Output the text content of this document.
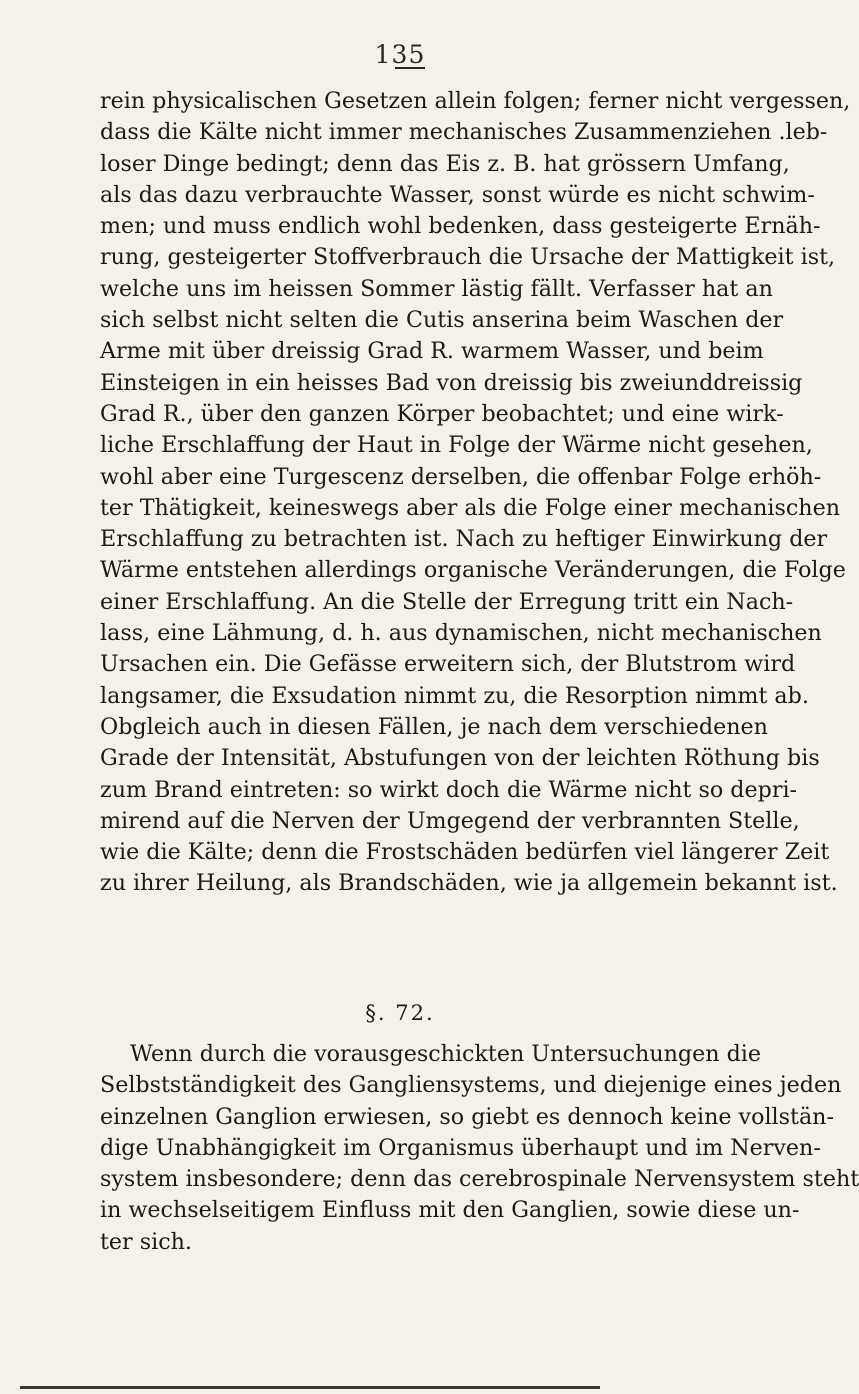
135
rein physicalischen Gesetzen allein folgen; ferner nicht vergessen,
dass die Kälte nicht immer mechanisches Zusammenziehen .leb-
loser Dinge bedingt; denn das Eis z. B. hat grössern Umfang,
als das dazu verbrauchte Wasser, sonst würde es nicht schwim-
men; und muss endlich wohl bedenken, dass gesteigerte Ernäh-
rung, gesteigerter Stoffverbrauch die Ursache der Mattigkeit ist,
welche uns im heissen Sommer lästig fällt. Verfasser hat an
sich selbst nicht selten die Cutis anserina beim Waschen der
Arme mit über dreissig Grad R. warmem Wasser, und beim
Einsteigen in ein heisses Bad von dreissig bis zweiunddreissig
Grad R., über den ganzen Körper beobachtet; und eine wirk-
liche Erschlaffung der Haut in Folge der Wärme nicht gesehen,
wohl aber eine Turgescenz derselben, die offenbar Folge erhöh-
ter Thätigkeit, keineswegs aber als die Folge einer mechanischen
Erschlaffung zu betrachten ist. Nach zu heftiger Einwirkung der
Wärme entstehen allerdings organische Veränderungen, die Folge
einer Erschlaffung. An die Stelle der Erregung tritt ein Nach-
lass, eine Lähmung, d. h. aus dynamischen, nicht mechanischen
Ursachen ein. Die Gefässe erweitern sich, der Blutstrom wird
langsamer, die Exsudation nimmt zu, die Resorption nimmt ab.
Obgleich auch in diesen Fällen, je nach dem verschiedenen
Grade der Intensität, Abstufungen von der leichten Röthung bis
zum Brand eintreten: so wirkt doch die Wärme nicht so depri-
mirend auf die Nerven der Umgegend der verbrannten Stelle,
wie die Kälte; denn die Frostschäden bedürfen viel längerer Zeit
zu ihrer Heilung, als Brandschäden, wie ja allgemein bekannt ist.
§. 72.
Wenn durch die vorausgeschickten Untersuchungen die
Selbstständigkeit des Gangliensystems, und diejenige eines jeden
einzelnen Ganglion erwiesen, so giebt es dennoch keine vollstän-
dige Unabhängigkeit im Organismus überhaupt und im Nerven-
system insbesondere; denn das cerebrospinale Nervensystem steht
in wechselseitigem Einfluss mit den Ganglien, sowie diese un-
ter sich.
